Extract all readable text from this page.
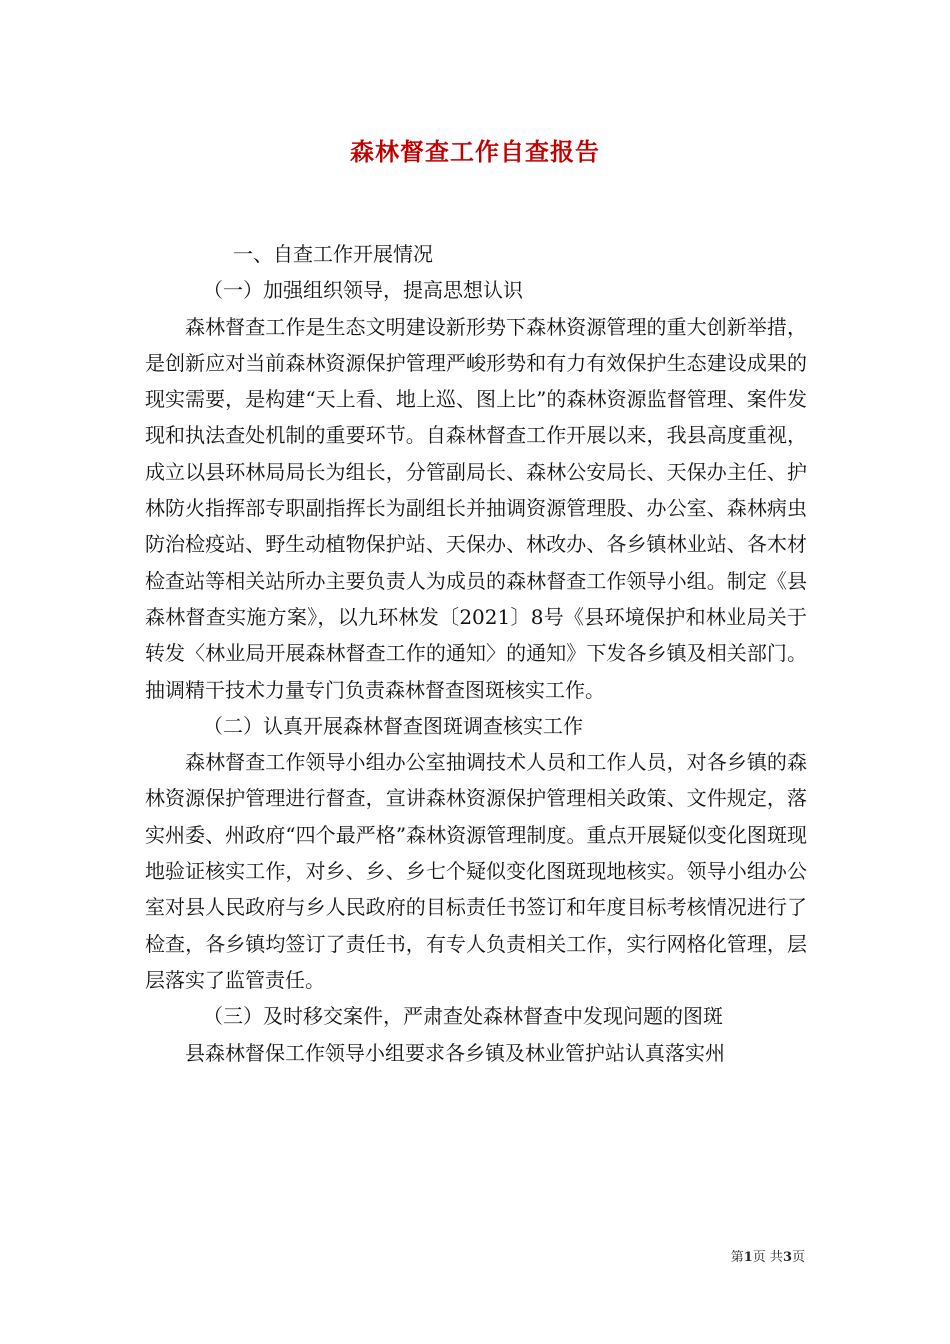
森林督查工作自查报告

一、自查工作开展情况

（一）加强组织领导，提高思想认识

森林督查工作是生态文明建设新形势下森林资源管理的重大创新举措，是创新应对当前森林资源保护管理严峻形势和有力有效保护生态建设成果的现实需要，是构建“天上看、地上巡、图上比”的森林资源监督管理、案件发现和执法查处机制的重要环节。自森林督查工作开展以来，我县高度重视，成立以县环林局局长为组长，分管副局长、森林公安局长、天保办主任、护林防火指挥部专职副指挥长为副组长并抽调资源管理股、办公室、森林病虫防治检疫站、野生动植物保护站、天保办、林改办、各乡镇林业站、各木材检查站等相关站所办主要负责人为成员的森林督查工作领导小组。制定《县森林督查实施方案》，以九环林发〔2021〕8号《县环境保护和林业局关于转发〈林业局开展森林督查工作的通知〉的通知》下发各乡镇及相关部门。抽调精干技术力量专门负责森林督查图斑核实工作。

（二）认真开展森林督查图斑调查核实工作

森林督查工作领导小组办公室抽调技术人员和工作人员，对各乡镇的森林资源保护管理进行督查，宣讲森林资源保护管理相关政策、文件规定，落实州委、州政府“四个最严格”森林资源管理制度。重点开展疑似变化图斑现地验证核实工作，对乡、乡、乡七个疑似变化图斑现地核实。领导小组办公室对县人民政府与乡人民政府的目标责任书签订和年度目标考核情况进行了检查，各乡镇均签订了责任书，有专人负责相关工作，实行网格化管理，层层落实了监管责任。

（三）及时移交案件，严肃查处森林督查中发现问题的图斑

县森林督保工作领导小组要求各乡镇及林业管护站认真落实州

第1页 共3页
